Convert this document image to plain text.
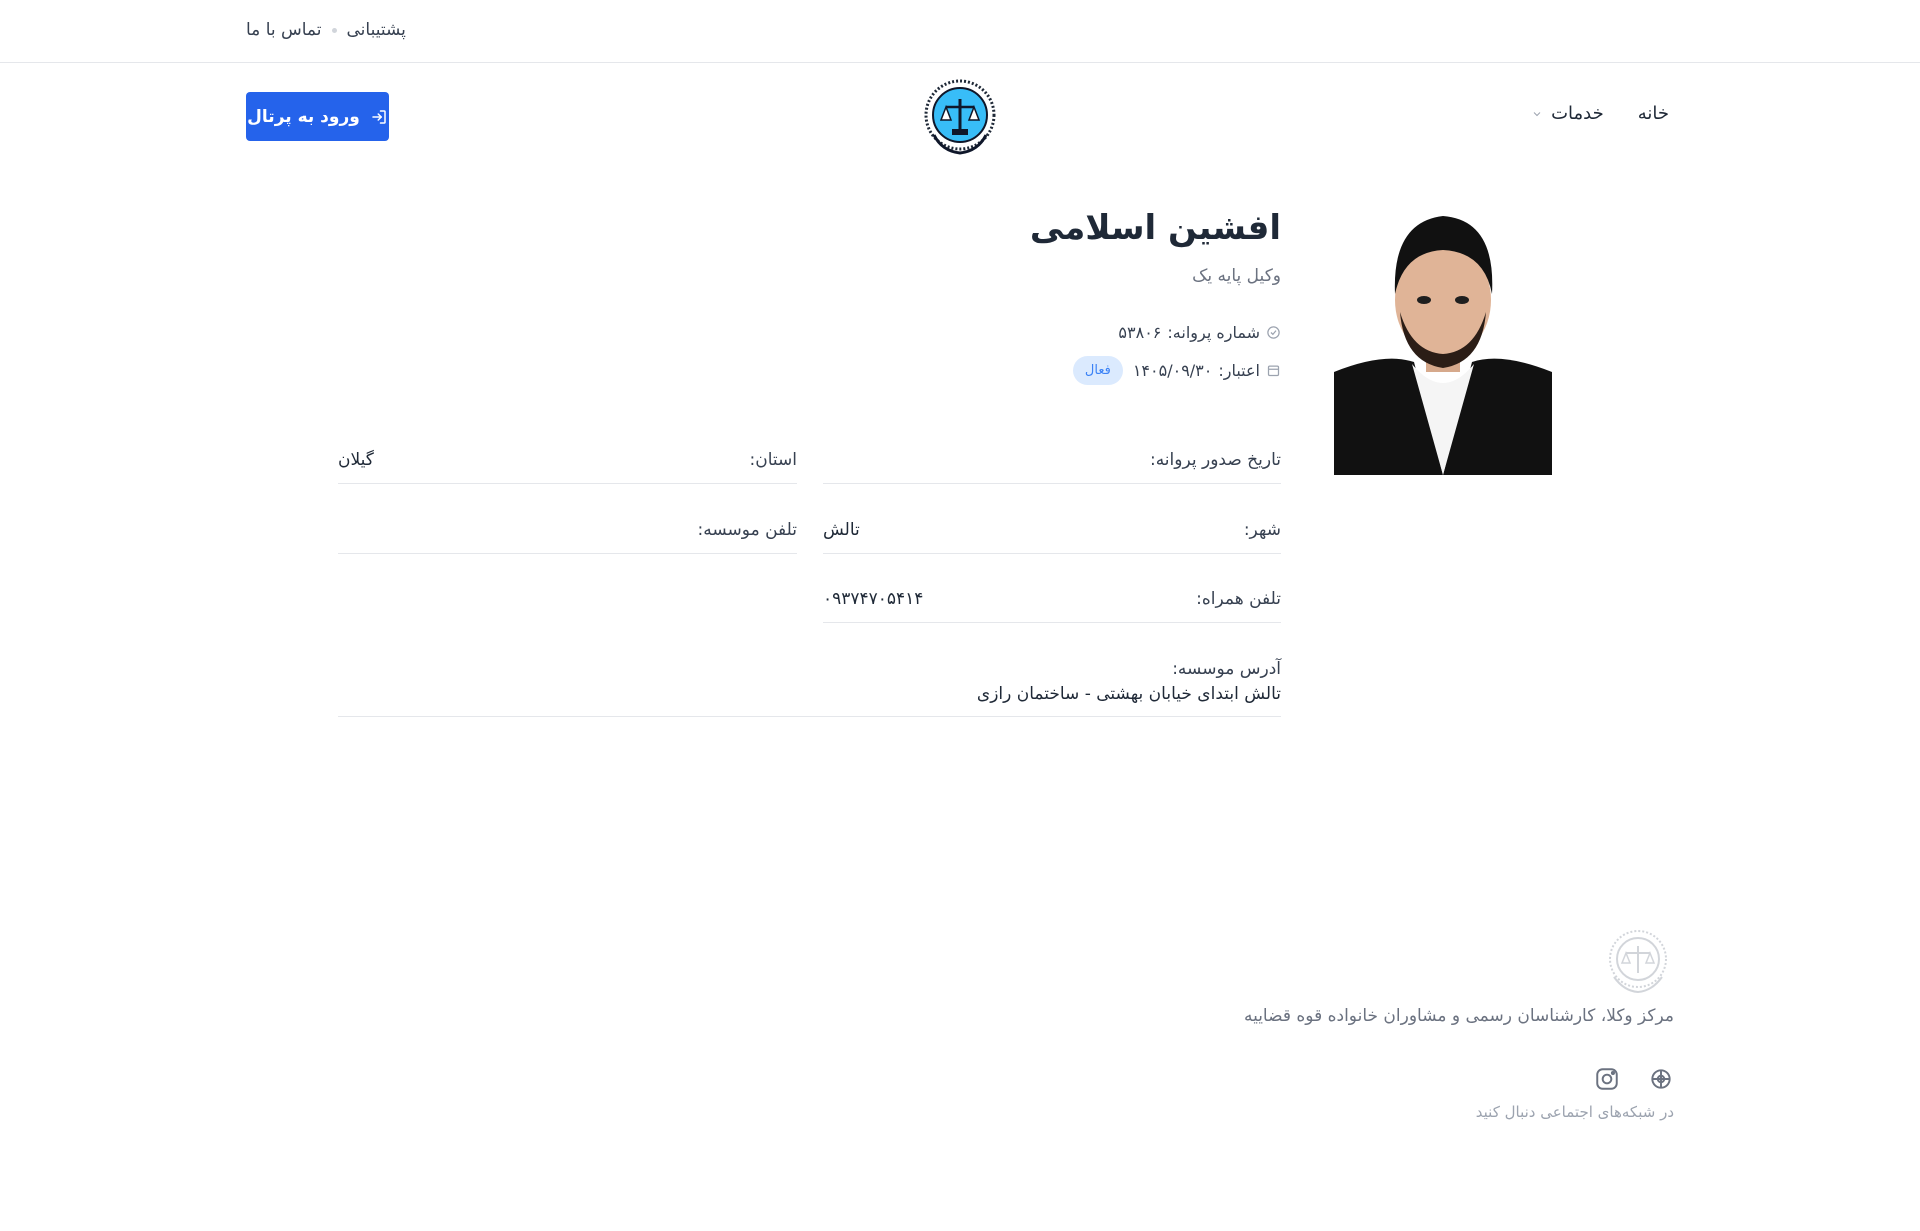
پشتیبانی
تماس با ما
ورود به پرتال	خانه
خدمات
افشین اسلامی
وکیل پایه یک
شماره پروانه:
۵۳۸۰۶
اعتبار:
۱۴۰۵/۰۹/۳۰
فعال
تاریخ صدور پروانه:
شهر:
تالش
تلفن همراه:
۰۹۳۷۴۷۰۵۴۱۴
استان:
گیلان
تلفن موسسه:
آدرس موسسه:
تالش ابتدای خیابان بهشتی - ساختمان رازی
مرکز وکلا، کارشناسان رسمی و مشاوران خانواده قوه قضاییه
در شبکه‌های اجتماعی دنبال کنید
